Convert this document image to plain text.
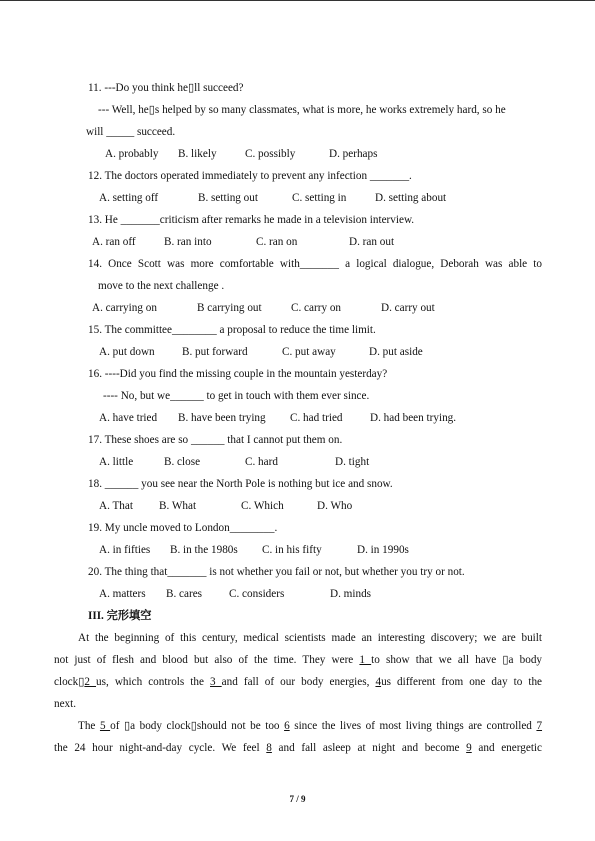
11. ---Do you think he▯ll succeed?
--- Well, he▯s helped by so many classmates, what is more, he works extremely hard, so he
will _____ succeed.
A. probably B. likely	C. possibly	D. perhaps
12. The doctors operated immediately to prevent any infection _______.
A. setting off	B. setting out	C. setting in	D. setting about
13. He _______criticism after remarks he made in a television interview.
A. ran off	B. ran into	C. ran on	D. ran out
14. Once Scott was more comfortable with_______ a logical dialogue, Deborah was able to
move to the next challenge .
A. carrying on	B carrying out	C. carry on	D. carry out
15. The committee________ a proposal to reduce the time limit.
A. put down B. put forward	C. put away	D. put aside
16. ----Did you find the missing couple in the mountain yesterday?
---- No, but we______ to get in touch with them ever since.
A. have tried B. have been trying C. had tried D. had been trying.
17. These shoes are so ______ that I cannot put them on.
A. little	B. close	C. hard	D. tight
18. ______ you see near the North Pole is nothing but ice and snow.
A. That B. What	C. Which	D. Who
19. My uncle moved to London________.
A. in fifties B. in the 1980s C. in his fifty	D. in 1990s
20. The thing that_______ is not whether you fail or not, but whether you try or not.
A. matters B. cares C. considers	D. minds
III. 完形填空
At the beginning of this century, medical scientists made an interesting discovery; we are built
not just of flesh and blood but also of the time. They were 1 to show that we all have ▯a body
clock▯2 us, which controls the 3 and fall of our body energies, 4us different from one day to the
next.
The 5 of ▯a body clock▯should not be too 6 since the lives of most living things are controlled 7
the 24 hour night-and-day cycle. We feel 8 and fall asleep at night and become 9 and energetic
7 / 9
